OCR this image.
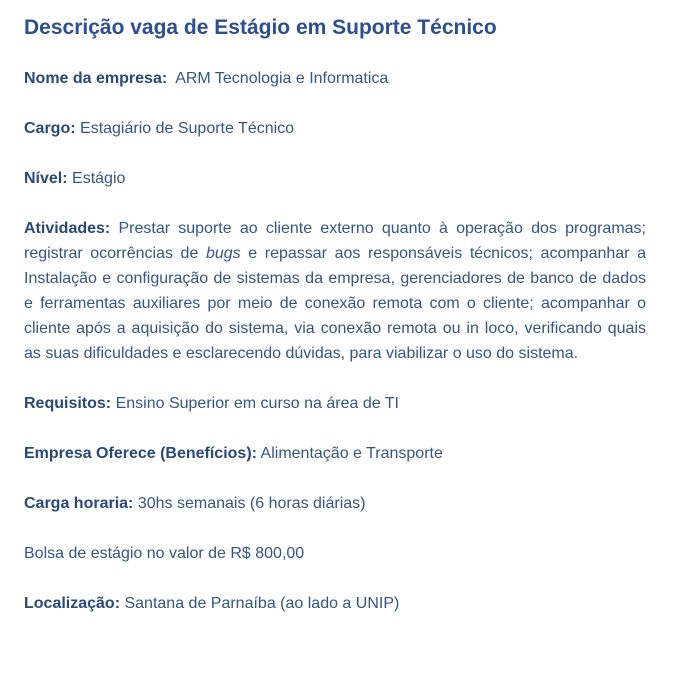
Descrição vaga de Estágio em Suporte Técnico
Nome da empresa: ARM Tecnologia e Informatica
Cargo: Estagiário de Suporte Técnico
Nível: Estágio
Atividades: Prestar suporte ao cliente externo quanto à operação dos programas; registrar ocorrências de bugs e repassar aos responsáveis técnicos; acompanhar a Instalação e configuração de sistemas da empresa, gerenciadores de banco de dados e ferramentas auxiliares por meio de conexão remota com o cliente; acompanhar o cliente após a aquisição do sistema, via conexão remota ou in loco, verificando quais as suas dificuldades e esclarecendo dúvidas, para viabilizar o uso do sistema.
Requisitos: Ensino Superior em curso na área de TI
Empresa Oferece (Benefícios): Alimentação e Transporte
Carga horaria: 30hs semanais (6 horas diárias)
Bolsa de estágio no valor de R$ 800,00
Localização: Santana de Parnaíba (ao lado a UNIP)
